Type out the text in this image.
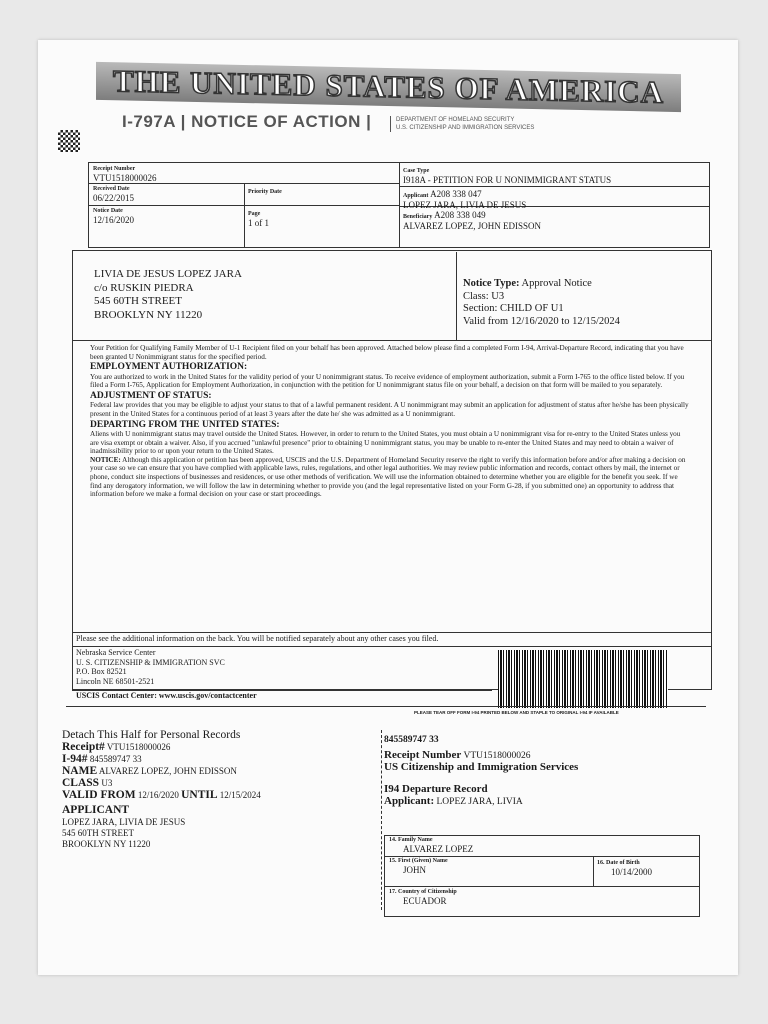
THE UNITED STATES OF AMERICA
I-797A | NOTICE OF ACTION |	DEPARTMENT OF HOMELAND SECURITY
U.S. CITIZENSHIP AND IMMIGRATION SERVICES
Receipt Number
VTU1518000026
Case Type
I918A - PETITION FOR U NONIMMIGRANT STATUS
Received Date
06/22/2015
Priority Date
Applicant A208 338 047
LOPEZ JARA, LIVIA DE JESUS
Notice Date
12/16/2020
Page
1 of 1
Beneficiary A208 338 049
ALVAREZ LOPEZ, JOHN EDISSON
LIVIA DE JESUS LOPEZ JARA
c/o RUSKIN PIEDRA
545 60TH STREET
BROOKLYN NY 11220
Notice Type: Approval Notice
Class: U3
Section: CHILD OF U1
Valid from 12/16/2020 to 12/15/2024

Your Petition for Qualifying Family Member of U-1 Recipient filed on your behalf has been approved. Attached below please find a completed Form I-94, Arrival-Departure Record, indicating that you have been granted U Nonimmigrant status for the specified period.

EMPLOYMENT AUTHORIZATION:

You are authorized to work in the United States for the validity period of your U nonimmigrant status. To receive evidence of employment authorization, submit a Form I-765 to the office listed below. If you filed a Form I-765, Application for Employment Authorization, in conjunction with the petition for U nonimmigrant status file on your behalf, a decision on that form will be mailed to you separately.

ADJUSTMENT OF STATUS:

Federal law provides that you may be eligible to adjust your status to that of a lawful permanent resident. A U nonimmigrant may submit an application for adjustment of status after he/she has been physically present in the United States for a continuous period of at least 3 years after the date he/ she was admitted as a U nonimmigrant.

DEPARTING FROM THE UNITED STATES:

Aliens with U nonimmigrant status may travel outside the United States. However, in order to return to the United States, you must obtain a U nonimmigrant visa for re-entry to the United States unless you are visa exempt or obtain a waiver. Also, if you accrued "unlawful presence" prior to obtaining U nonimmigrant status, you may be unable to re-enter the United States and may need to obtain a waiver of inadmissibility prior to or upon your return to the United States.

NOTICE: Although this application or petition has been approved, USCIS and the U.S. Department of Homeland Security reserve the right to verify this information before and/or after making a decision on your case so we can ensure that you have complied with applicable laws, rules, regulations, and other legal authorities. We may review public information and records, contact others by mail, the internet or phone, conduct site inspections of businesses and residences, or use other methods of verification. We will use the information obtained to determine whether you are eligible for the benefit you seek. If we find any derogatory information, we will follow the law in determining whether to provide you (and the legal representative listed on your Form G-28, if you submitted one) an opportunity to address that information before we make a formal decision on your case or start proceedings.

Please see the additional information on the back. You will be notified separately about any other cases you filed.
Nebraska Service Center
U. S. CITIZENSHIP & IMMIGRATION SVC
P.O. Box 82521
Lincoln NE 68501-2521
USCIS Contact Center: www.uscis.gov/contactcenter
PLEASE TEAR OFF FORM I-94 PRINTED BELOW AND STAPLE TO ORIGINAL I-94 IF AVAILABLE
Detach This Half for Personal Records
Receipt# VTU1518000026
I-94# 845589747 33
NAME ALVAREZ LOPEZ, JOHN EDISSON
CLASS U3
VALID FROM 12/16/2020 UNTIL 12/15/2024
APPLICANT
LOPEZ JARA, LIVIA DE JESUS
545 60TH STREET
BROOKLYN NY 11220
845589747 33
Receipt Number VTU1518000026
US Citizenship and Immigration Services
I94 Departure Record
Applicant: LOPEZ JARA, LIVIA
14. Family Name
ALVAREZ LOPEZ
15. First (Given) Name
JOHN
16. Date of Birth
10/14/2000
17. Country of Citizenship
ECUADOR
